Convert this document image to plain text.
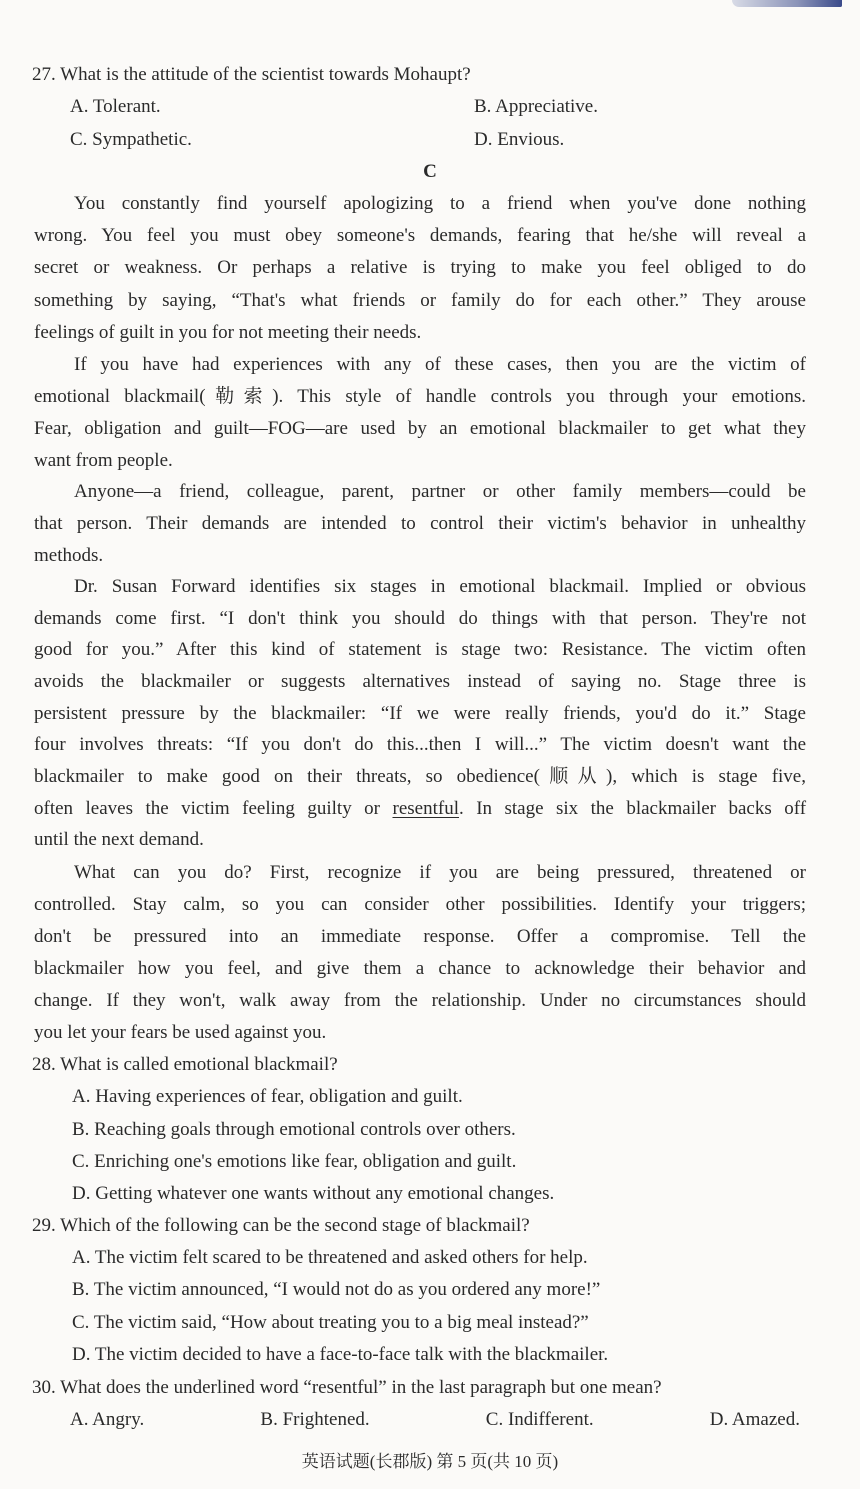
27. What is the attitude of the scientist towards Mohaupt?
A. Tolerant.	B. Appreciative.
C. Sympathetic.	D. Envious.
C
You constantly find yourself apologizing to a friend when you've done nothing
wrong. You feel you must obey someone's demands, fearing that he/she will reveal a
secret or weakness. Or perhaps a relative is trying to make you feel obliged to do
something by saying, “That's what friends or family do for each other.” They arouse
feelings of guilt in you for not meeting their needs.
If you have had experiences with any of these cases, then you are the victim of
emotional blackmail(勒索). This style of handle controls you through your emotions.
Fear, obligation and guilt—FOG—are used by an emotional blackmailer to get what they
want from people.
Anyone—a friend, colleague, parent, partner or other family members—could be
that person. Their demands are intended to control their victim's behavior in unhealthy
methods.
Dr. Susan Forward identifies six stages in emotional blackmail. Implied or obvious
demands come first. “I don't think you should do things with that person. They're not
good for you.” After this kind of statement is stage two: Resistance. The victim often
avoids the blackmailer or suggests alternatives instead of saying no. Stage three is
persistent pressure by the blackmailer: “If we were really friends, you'd do it.” Stage
four involves threats: “If you don't do this...then I will...” The victim doesn't want the
blackmailer to make good on their threats, so obedience(顺从), which is stage five,
often leaves the victim feeling guilty or resentful. In stage six the blackmailer backs off
until the next demand.
What can you do? First, recognize if you are being pressured, threatened or
controlled. Stay calm, so you can consider other possibilities. Identify your triggers;
don't be pressured into an immediate response. Offer a compromise. Tell the
blackmailer how you feel, and give them a chance to acknowledge their behavior and
change. If they won't, walk away from the relationship. Under no circumstances should
you let your fears be used against you.
28. What is called emotional blackmail?
A. Having experiences of fear, obligation and guilt.
B. Reaching goals through emotional controls over others.
C. Enriching one's emotions like fear, obligation and guilt.
D. Getting whatever one wants without any emotional changes.
29. Which of the following can be the second stage of blackmail?
A. The victim felt scared to be threatened and asked others for help.
B. The victim announced, “I would not do as you ordered any more!”
C. The victim said, “How about treating you to a big meal instead?”
D. The victim decided to have a face-to-face talk with the blackmailer.
30. What does the underlined word “resentful” in the last paragraph but one mean?
A. Angry.	B. Frightened.	C. Indifferent.	D. Amazed.
英语试题(长郡版) 第 5 页(共 10 页)
